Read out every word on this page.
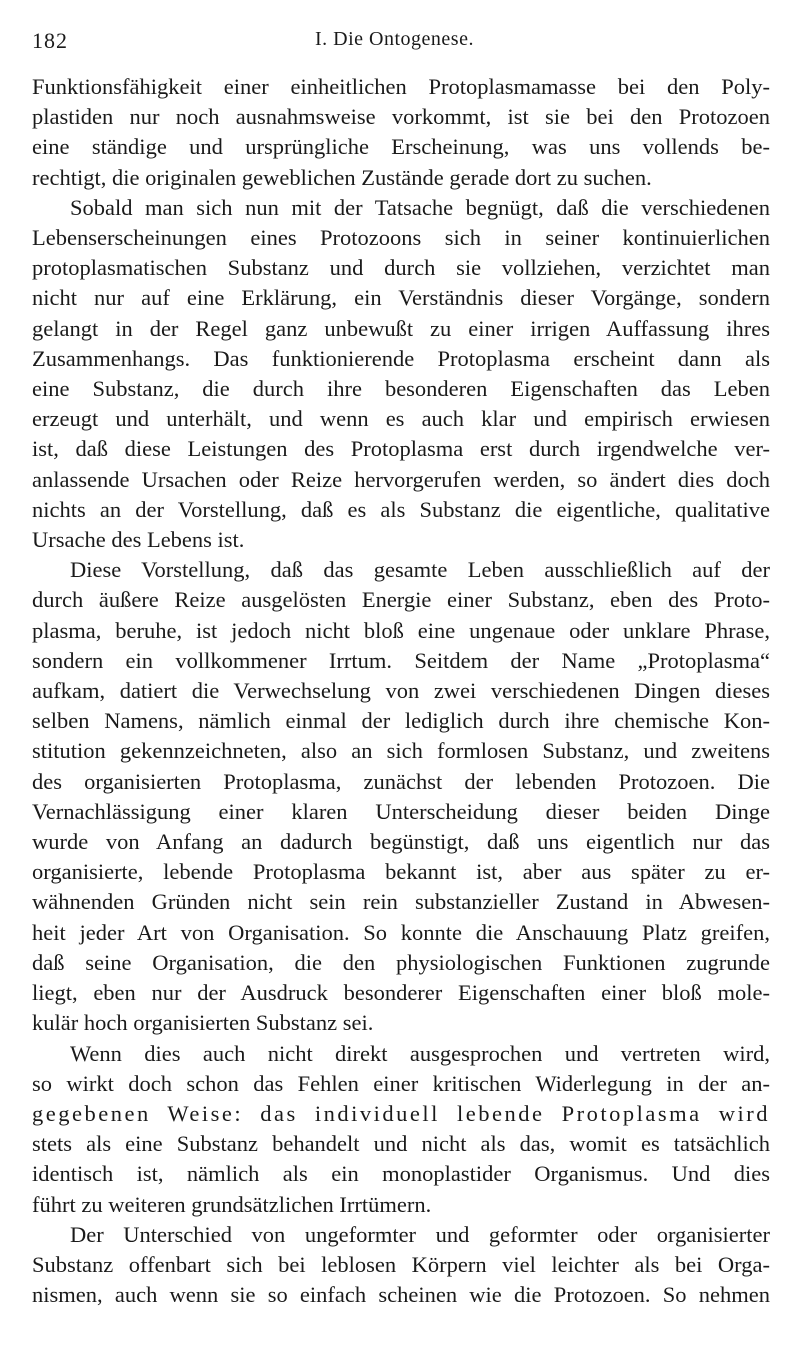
182	I. Die Ontogenese.
Funktionsfähigkeit einer einheitlichen Protoplasmamasse bei den Poly-
plastiden nur noch ausnahmsweise vorkommt, ist sie bei den Protozoen
eine ständige und ursprüngliche Erscheinung, was uns vollends be-
rechtigt, die originalen geweblichen Zustände gerade dort zu suchen.
Sobald man sich nun mit der Tatsache begnügt, daß die verschiedenen
Lebenserscheinungen eines Protozoons sich in seiner kontinuierlichen
protoplasmatischen Substanz und durch sie vollziehen, verzichtet man
nicht nur auf eine Erklärung, ein Verständnis dieser Vorgänge, sondern
gelangt in der Regel ganz unbewußt zu einer irrigen Auffassung ihres
Zusammenhangs. Das funktionierende Protoplasma erscheint dann als
eine Substanz, die durch ihre besonderen Eigenschaften das Leben
erzeugt und unterhält, und wenn es auch klar und empirisch erwiesen
ist, daß diese Leistungen des Protoplasma erst durch irgendwelche ver-
anlassende Ursachen oder Reize hervorgerufen werden, so ändert dies doch
nichts an der Vorstellung, daß es als Substanz die eigentliche, qualitative
Ursache des Lebens ist.
Diese Vorstellung, daß das gesamte Leben ausschließlich auf der
durch äußere Reize ausgelösten Energie einer Substanz, eben des Proto-
plasma, beruhe, ist jedoch nicht bloß eine ungenaue oder unklare Phrase,
sondern ein vollkommener Irrtum. Seitdem der Name „Protoplasma“
aufkam, datiert die Verwechselung von zwei verschiedenen Dingen dieses
selben Namens, nämlich einmal der lediglich durch ihre chemische Kon-
stitution gekennzeichneten, also an sich formlosen Substanz, und zweitens
des organisierten Protoplasma, zunächst der lebenden Protozoen. Die
Vernachlässigung einer klaren Unterscheidung dieser beiden Dinge
wurde von Anfang an dadurch begünstigt, daß uns eigentlich nur das
organisierte, lebende Protoplasma bekannt ist, aber aus später zu er-
wähnenden Gründen nicht sein rein substanzieller Zustand in Abwesen-
heit jeder Art von Organisation. So konnte die Anschauung Platz greifen,
daß seine Organisation, die den physiologischen Funktionen zugrunde
liegt, eben nur der Ausdruck besonderer Eigenschaften einer bloß mole-
kulär hoch organisierten Substanz sei.
Wenn dies auch nicht direkt ausgesprochen und vertreten wird,
so wirkt doch schon das Fehlen einer kritischen Widerlegung in der an-
gegebenen Weise: das individuell lebende Protoplasma wird
stets als eine Substanz behandelt und nicht als das, womit es tatsächlich
identisch ist, nämlich als ein monoplastider Organismus. Und dies
führt zu weiteren grundsätzlichen Irrtümern.
Der Unterschied von ungeformter und geformter oder organisierter
Substanz offenbart sich bei leblosen Körpern viel leichter als bei Orga-
nismen, auch wenn sie so einfach scheinen wie die Protozoen. So nehmen
